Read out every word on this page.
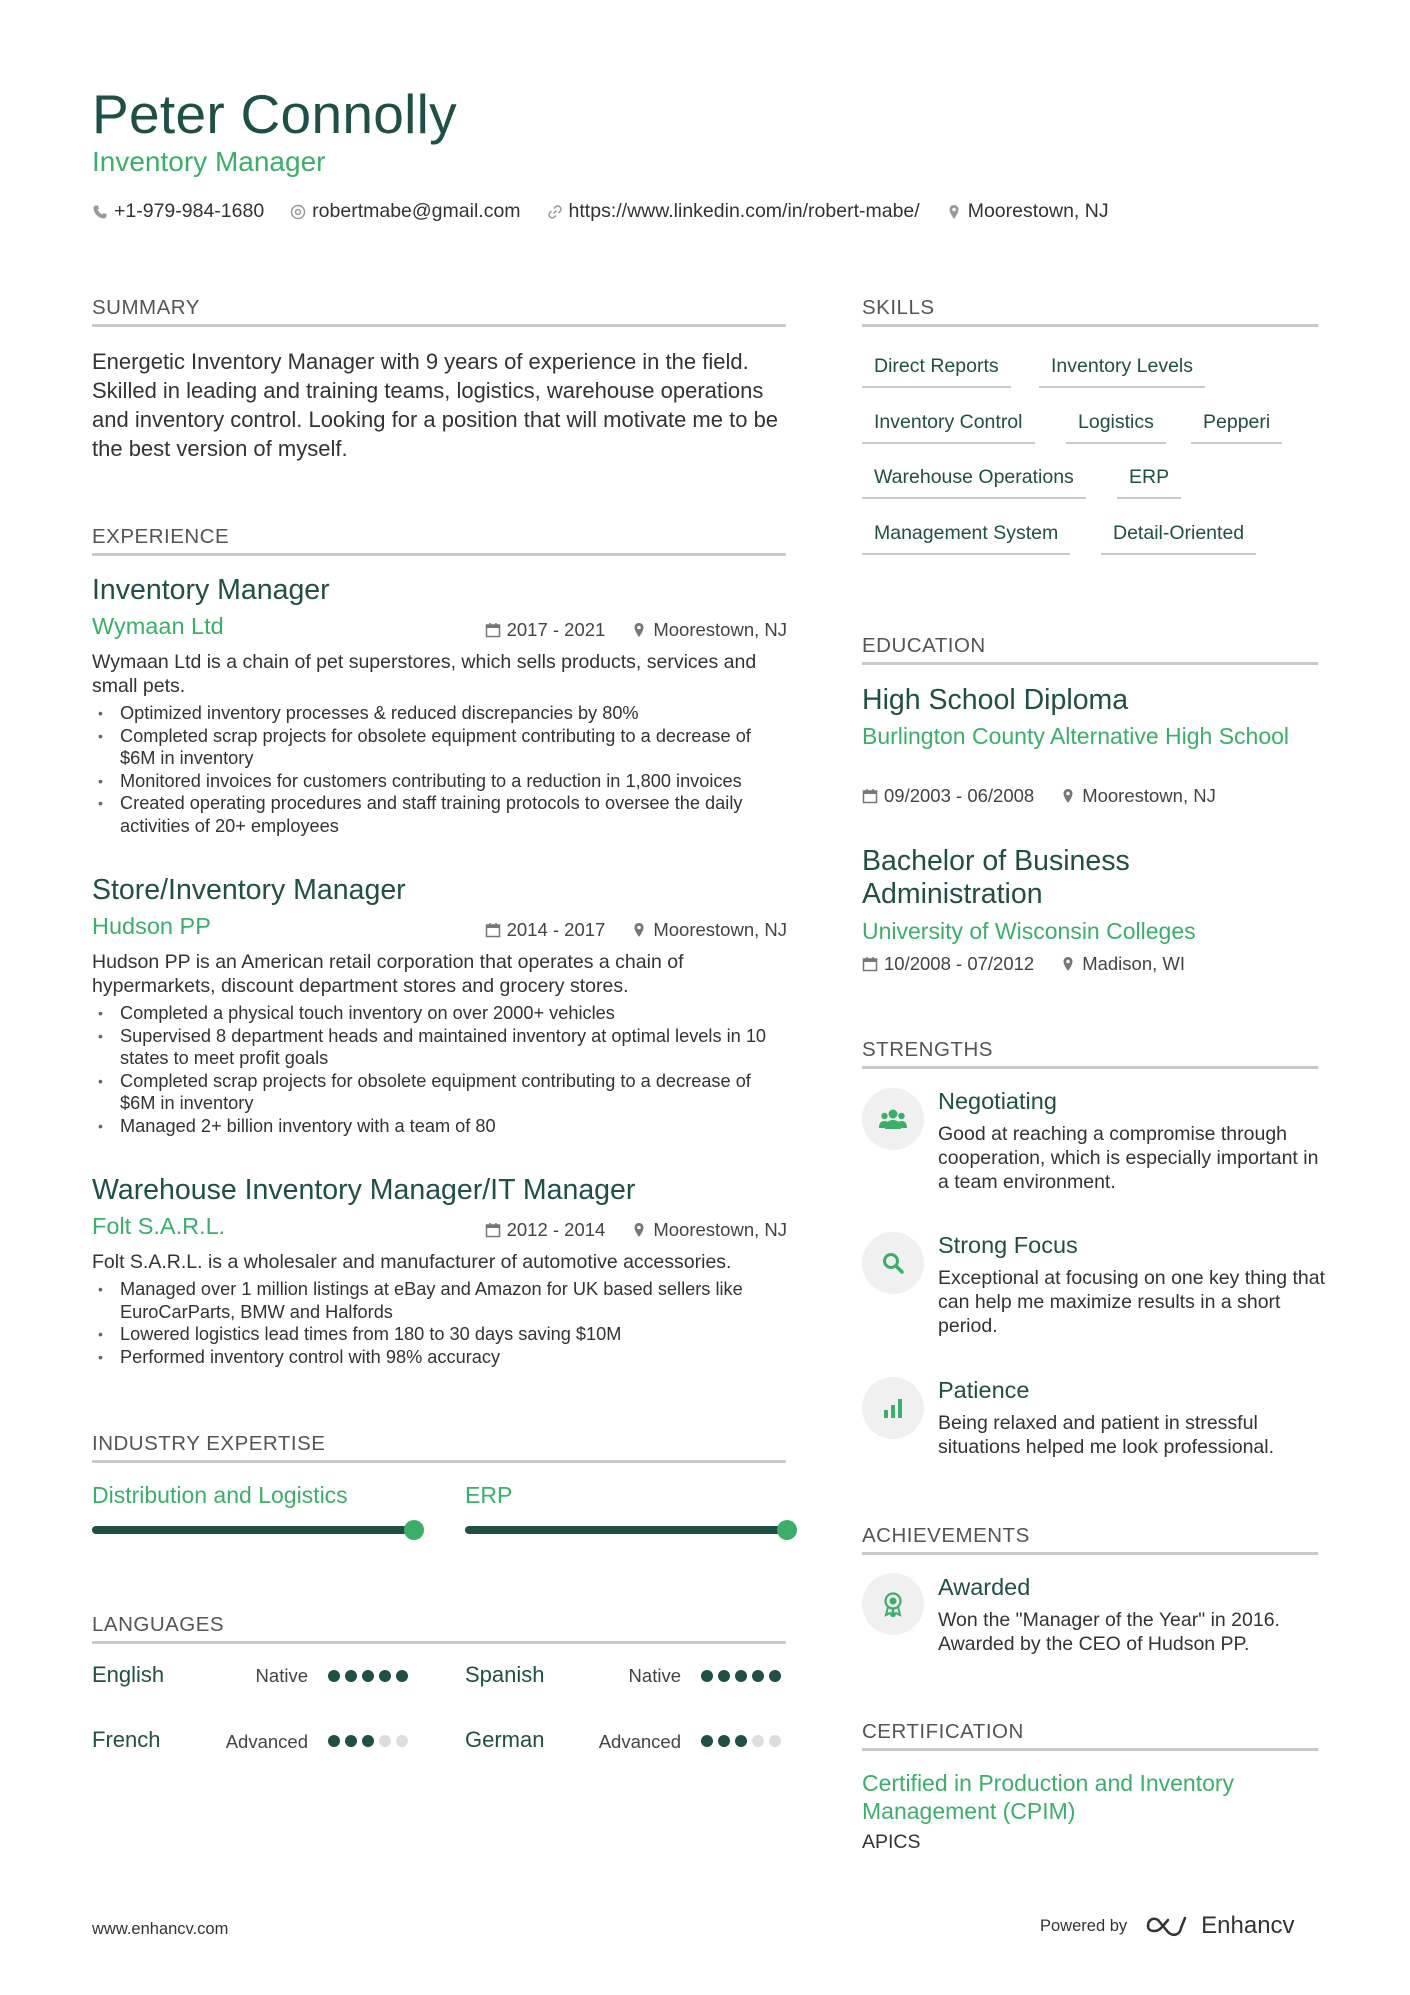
Peter Connolly
Inventory Manager
+1-979-984-1680 robertmabe@gmail.com https://www.linkedin.com/in/robert-mabe/ Moorestown, NJ
SUMMARY
Energetic Inventory Manager with 9 years of experience in the field. Skilled in leading and training teams, logistics, warehouse operations and inventory control. Looking for a position that will motivate me to be the best version of myself.
EXPERIENCE
Inventory Manager
Wymaan Ltd	2017 - 2021	Moorestown, NJ
Wymaan Ltd is a chain of pet superstores, which sells products, services and small pets.
• Optimized inventory processes & reduced discrepancies by 80%
• Completed scrap projects for obsolete equipment contributing to a decrease of $6M in inventory
• Monitored invoices for customers contributing to a reduction in 1,800 invoices
• Created operating procedures and staff training protocols to oversee the daily activities of 20+ employees
Store/Inventory Manager
Hudson PP	2014 - 2017	Moorestown, NJ
Hudson PP is an American retail corporation that operates a chain of hypermarkets, discount department stores and grocery stores.
• Completed a physical touch inventory on over 2000+ vehicles
• Supervised 8 department heads and maintained inventory at optimal levels in 10 states to meet profit goals
• Completed scrap projects for obsolete equipment contributing to a decrease of $6M in inventory
• Managed 2+ billion inventory with a team of 80
Warehouse Inventory Manager/IT Manager
Folt S.A.R.L.	2012 - 2014	Moorestown, NJ
Folt S.A.R.L. is a wholesaler and manufacturer of automotive accessories.
• Managed over 1 million listings at eBay and Amazon for UK based sellers like EuroCarParts, BMW and Halfords
• Lowered logistics lead times from 180 to 30 days saving $10M
• Performed inventory control with 98% accuracy
INDUSTRY EXPERTISE
Distribution and Logistics	ERP
LANGUAGES
English	Native	Spanish	Native
French	Advanced	German	Advanced
SKILLS
Direct Reports	Inventory Levels
Inventory Control	Logistics	Pepperi
Warehouse Operations	ERP
Management System	Detail-Oriented
EDUCATION
High School Diploma
Burlington County Alternative High School
09/2003 - 06/2008	Moorestown, NJ
Bachelor of Business Administration
University of Wisconsin Colleges
10/2008 - 07/2012	Madison, WI
STRENGTHS
Negotiating
Good at reaching a compromise through cooperation, which is especially important in a team environment.
Strong Focus
Exceptional at focusing on one key thing that can help me maximize results in a short period.
Patience
Being relaxed and patient in stressful situations helped me look professional.
ACHIEVEMENTS
Awarded
Won the "Manager of the Year" in 2016. Awarded by the CEO of Hudson PP.
CERTIFICATION
Certified in Production and Inventory Management (CPIM)
APICS
www.enhancv.com	Powered by	Enhancv
